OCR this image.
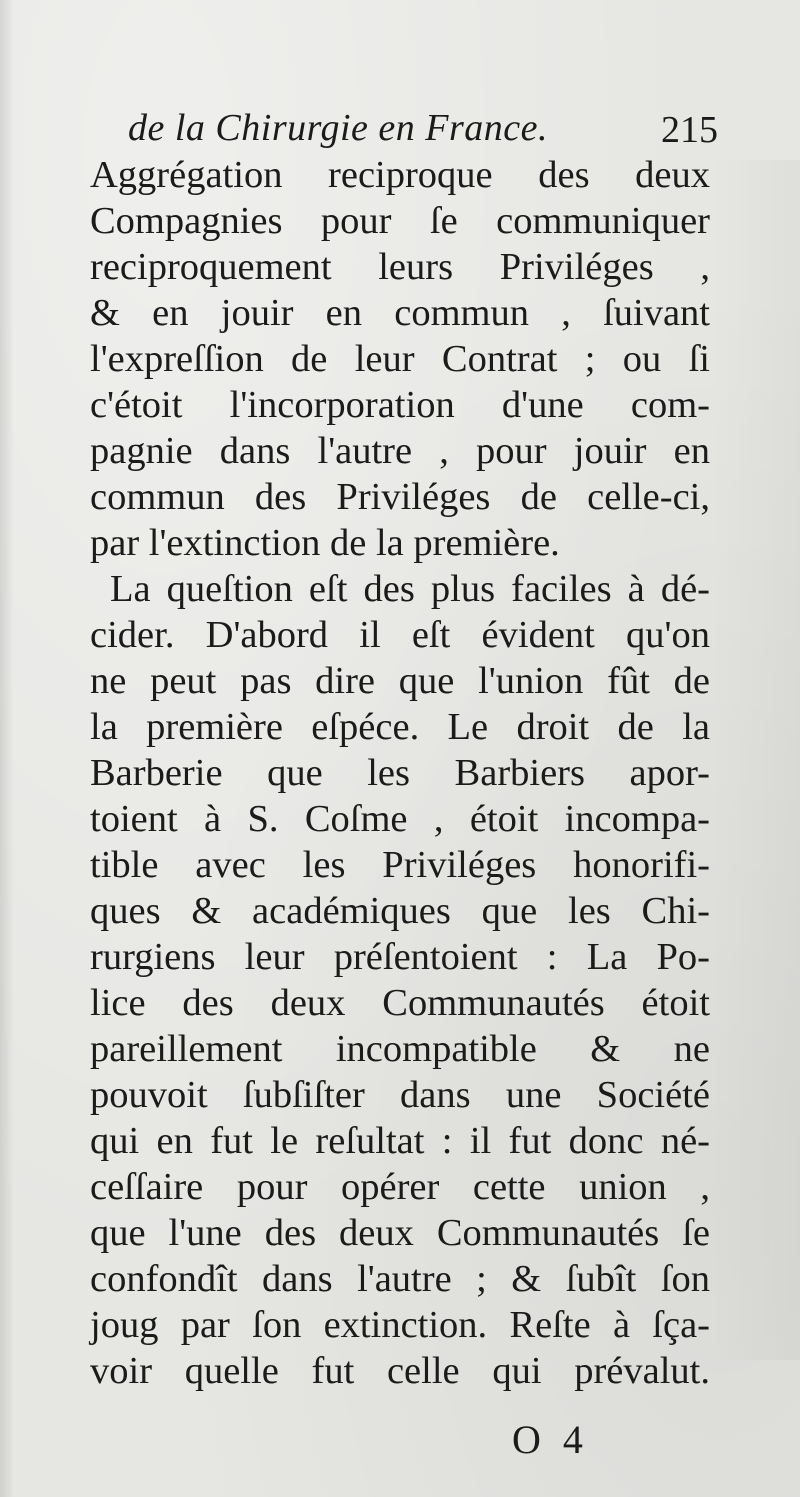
de la Chirurgie en France.	215
Aggrégation reciproque des deux
Compagnies pour ſe communiquer
reciproquement leurs Priviléges ,
& en jouir en commun , ſuivant
l'expreſſion de leur Contrat ; ou ſi
c'étoit l'incorporation d'une com-
pagnie dans l'autre , pour jouir en
commun des Priviléges de celle-ci,
par l'extinction de la première.
La queſtion eſt des plus faciles à dé-
cider. D'abord il eſt évident qu'on
ne peut pas dire que l'union fût de
la première eſpéce. Le droit de la
Barberie que les Barbiers apor-
toient à S. Coſme , étoit incompa-
tible avec les Priviléges honorifi-
ques & académiques que les Chi-
rurgiens leur préſentoient : La Po-
lice des deux Communautés étoit
pareillement incompatible & ne
pouvoit ſubſiſter dans une Société
qui en fut le reſultat : il fut donc né-
ceſſaire pour opérer cette union ,
que l'une des deux Communautés ſe
confondît dans l'autre ; & ſubît ſon
joug par ſon extinction. Reſte à ſça-
voir quelle fut celle qui prévalut.
O 4
